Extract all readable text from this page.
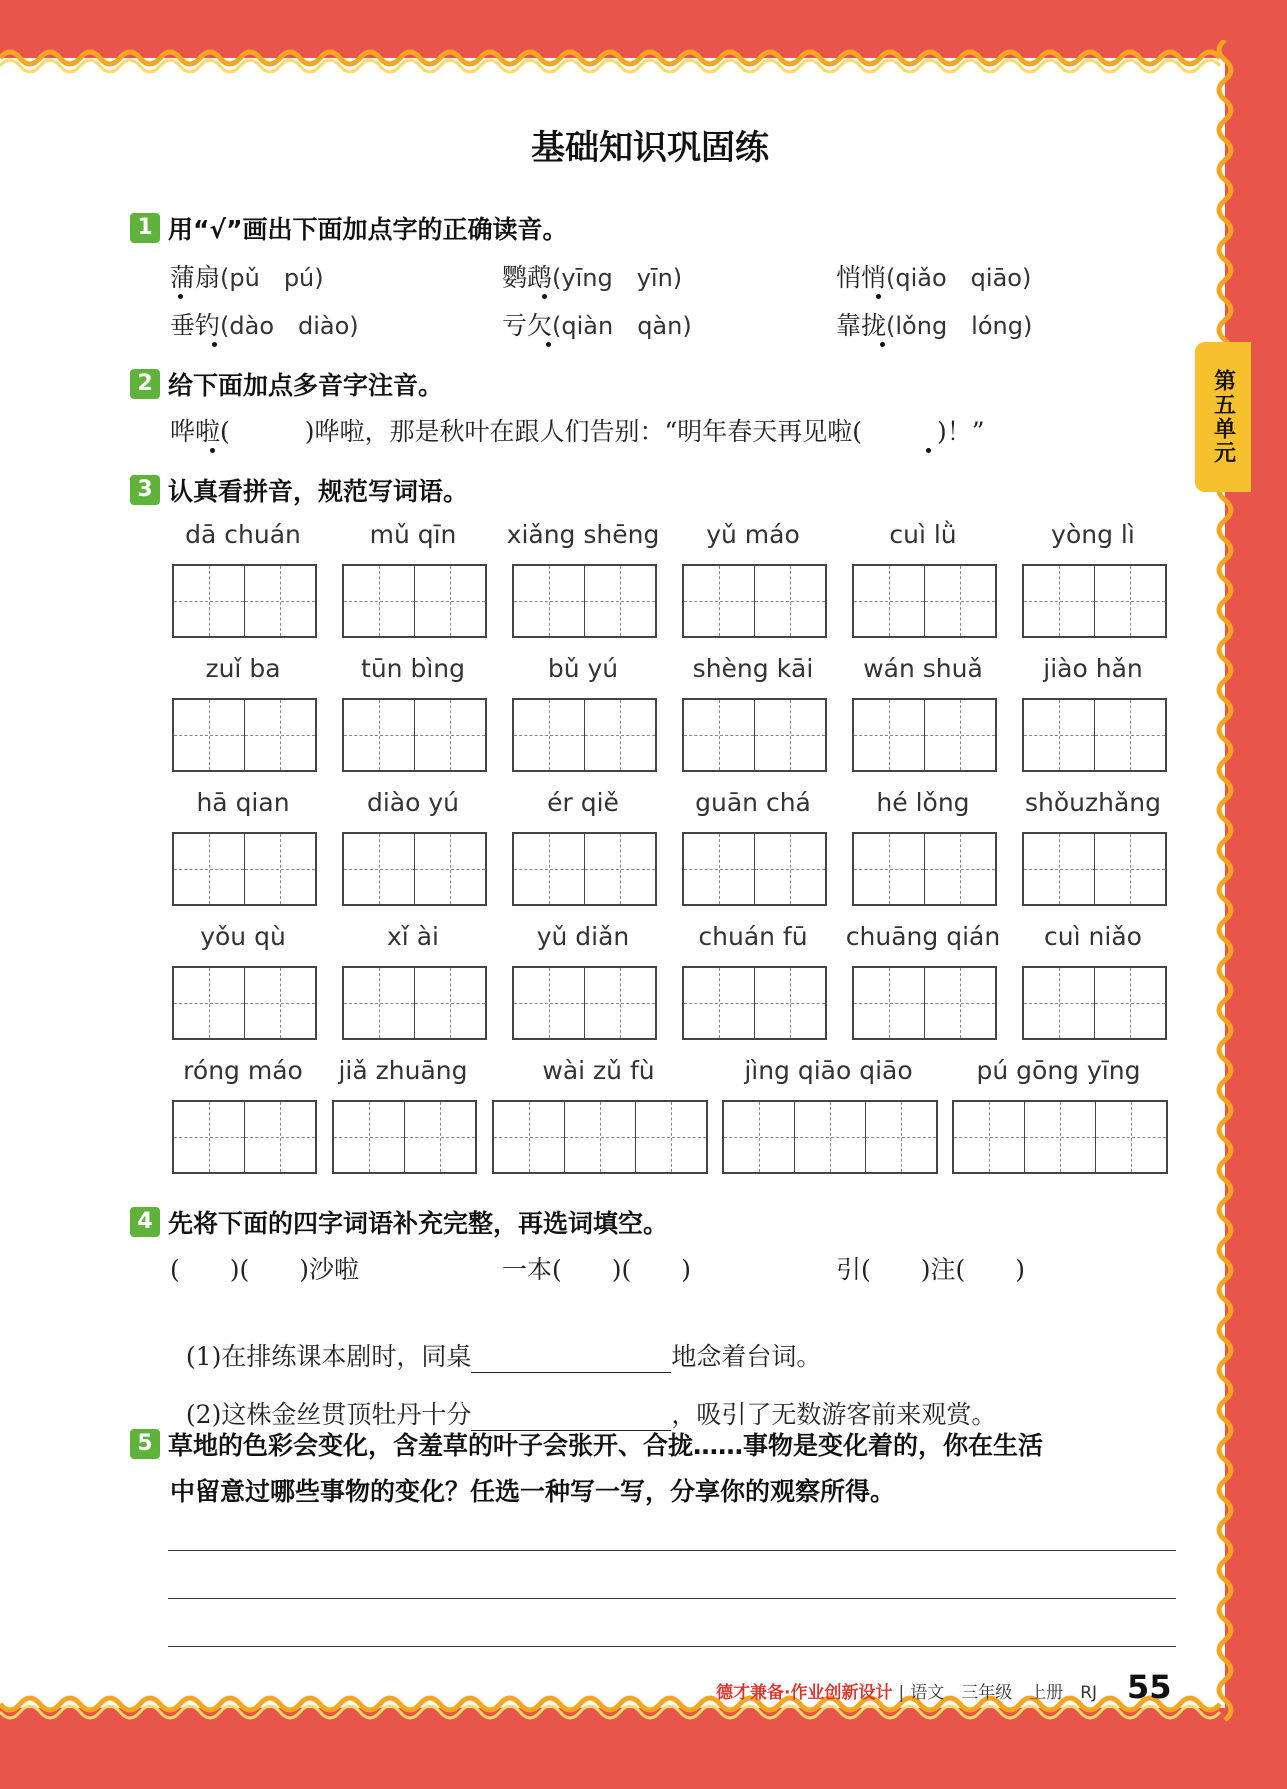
第五单元
基础知识巩固练
1 用“√”画出下面加点字的正确读音。
蒲扇(pǔ　pú)	鹦鹉(yīng　yīn)	悄悄(qiǎo　qiāo)
垂钓(dào　diào)	亏欠(qiàn　qàn)	靠拢(lǒng　lóng)
2 给下面加点多音字注音。
哗啦(　　　)哗啦，那是秋叶在跟人们告别：“明年春天再见啦(　　　)！”
3 认真看拼音，规范写词语。
dā chuán	mǔ qīn	xiǎng shēng	yǔ máo	cuì lǜ	yòng lì
zuǐ ba	tūn bìng	bǔ yú	shèng kāi	wán shuǎ	jiào hǎn
hā qian	diào yú	ér qiě	guān chá	hé lǒng	shǒuzhǎng
yǒu qù	xǐ ài	yǔ diǎn	chuán fū	chuāng qián	cuì niǎo
róng máo	jiǎ zhuāng	wài zǔ fù	jìng qiāo qiāo	pú gōng yīng
4 先将下面的四字词语补充完整，再选词填空。
(　　)(　　)沙啦	一本(　　)(　　)	引(　　)注(　　)

(1)在排练课本剧时，同桌	地念着台词。

(2)这株金丝贯顶牡丹十分	，吸引了无数游客前来观赏。

5 草地的色彩会变化，含羞草的叶子会张开、合拢……事物是变化着的，你在生活
中留意过哪些事物的变化？任选一种写一写，分享你的观察所得。
德才兼备·作业创新设计 | 语文　三年级　上册　RJ 55
